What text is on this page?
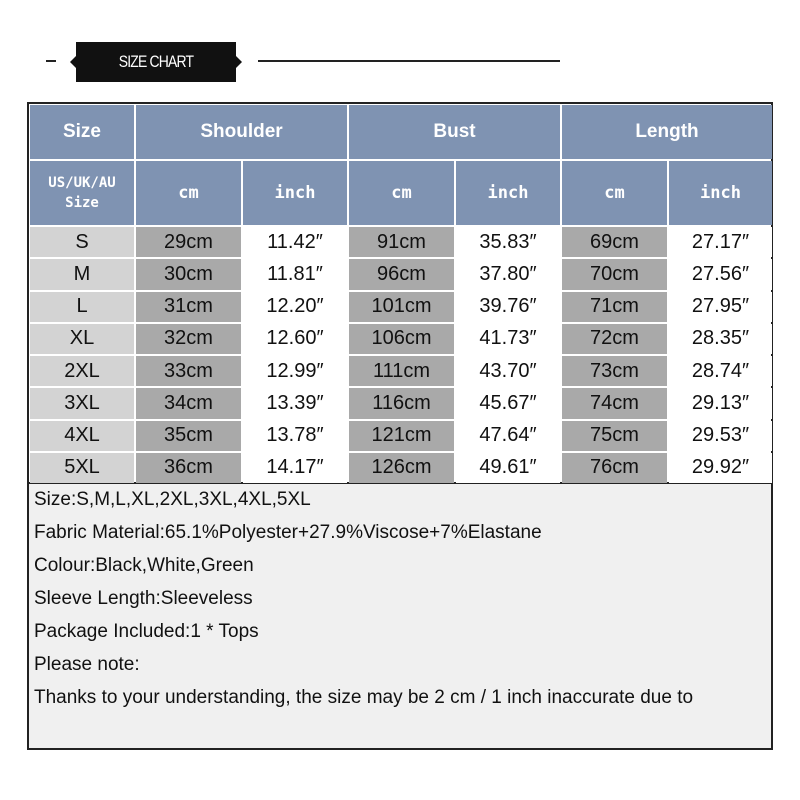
SIZE CHART
Size	Shoulder	Bust	Length
US/UK/AU
Size	cm	inch	cm	inch	cm	inch
S	29cm	11.42″	91cm	35.83″	69cm	27.17″
M	30cm	11.81″	96cm	37.80″	70cm	27.56″
L	31cm	12.20″	101cm	39.76″	71cm	27.95″
XL	32cm	12.60″	106cm	41.73″	72cm	28.35″
2XL	33cm	12.99″	111cm	43.70″	73cm	28.74″
3XL	34cm	13.39″	116cm	45.67″	74cm	29.13″
4XL	35cm	13.78″	121cm	47.64″	75cm	29.53″
5XL	36cm	14.17″	126cm	49.61″	76cm	29.92″
Size:S,M,L,XL,2XL,3XL,4XL,5XL
Fabric Material:65.1%Polyester+27.9%Viscose+7%Elastane
Colour:Black,White,Green
Sleeve Length:Sleeveless
Package Included:1 * Tops
Please note:
Thanks to your understanding, the size may be 2 cm / 1 inch inaccurate due to
